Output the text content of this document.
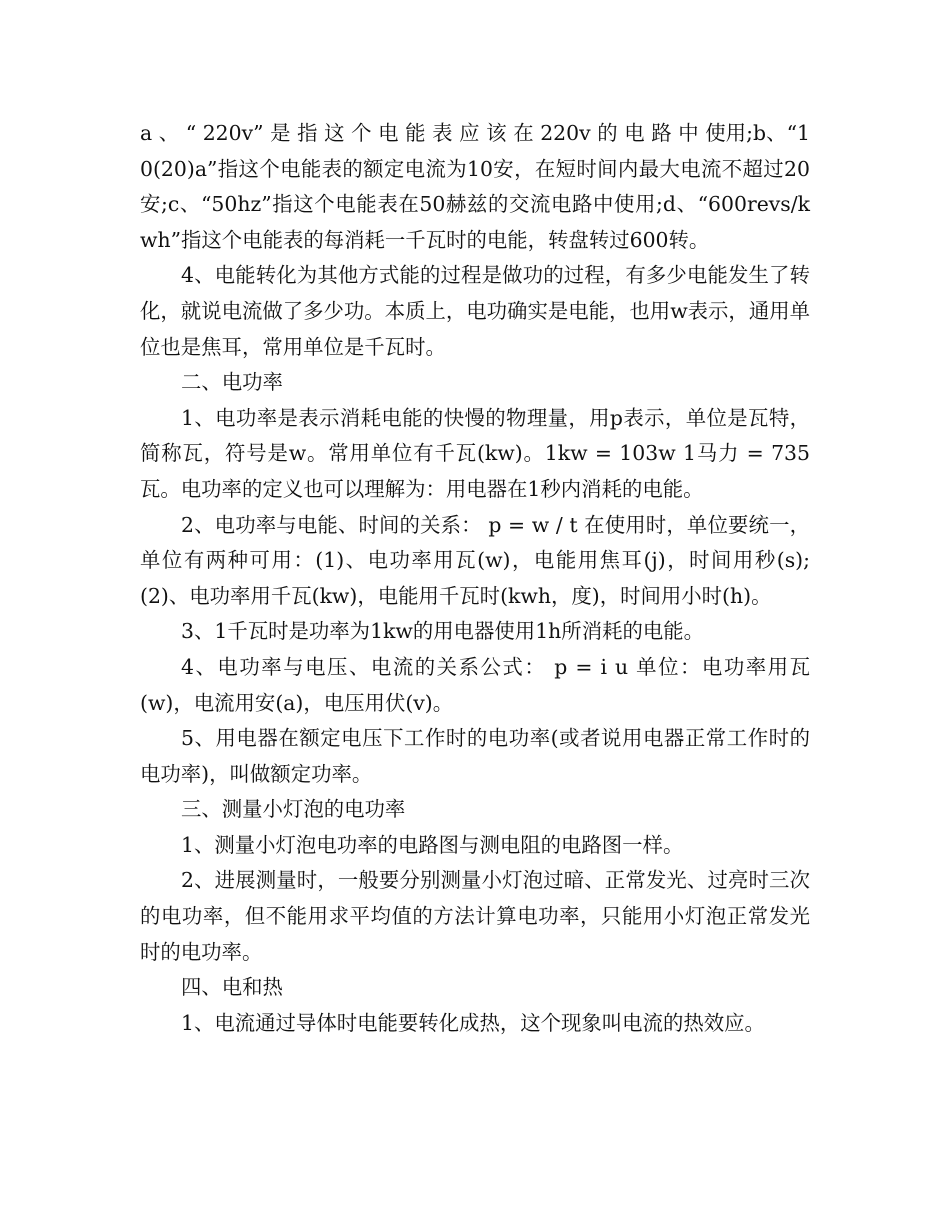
a 、 “ 220v” 是 指 这 个 电 能 表 应 该 在 220v 的 电 路 中 使用;b、“10(20)a”指这个电能表的额定电流为10安，在短时间内最大电流不超过20安;c、“50hz”指这个电能表在50赫兹的交流电路中使用;d、“600revs/kwh”指这个电能表的每消耗一千瓦时的电能，转盘转过600转。

4、电能转化为其他方式能的过程是做功的过程，有多少电能发生了转化，就说电流做了多少功。本质上，电功确实是电能，也用w表示，通用单位也是焦耳，常用单位是千瓦时。

二、电功率

1、电功率是表示消耗电能的快慢的物理量，用p表示，单位是瓦特，简称瓦，符号是w。常用单位有千瓦(kw)。1kw = 103w 1马力 = 735瓦。电功率的定义也可以理解为：用电器在1秒内消耗的电能。

2、电功率与电能、时间的关系： p = w / t 在使用时，单位要统一，单位有两种可用：(1)、电功率用瓦(w)，电能用焦耳(j)，时间用秒(s);(2)、电功率用千瓦(kw)，电能用千瓦时(kwh，度)，时间用小时(h)。

3、1千瓦时是功率为1kw的用电器使用1h所消耗的电能。

4、电功率与电压、电流的关系公式： p = i u 单位：电功率用瓦(w)，电流用安(a)，电压用伏(v)。

5、用电器在额定电压下工作时的电功率(或者说用电器正常工作时的电功率)，叫做额定功率。

三、测量小灯泡的电功率

1、测量小灯泡电功率的电路图与测电阻的电路图一样。

2、进展测量时，一般要分别测量小灯泡过暗、正常发光、过亮时三次的电功率，但不能用求平均值的方法计算电功率，只能用小灯泡正常发光时的电功率。

四、电和热

1、电流通过导体时电能要转化成热，这个现象叫电流的热效应。
